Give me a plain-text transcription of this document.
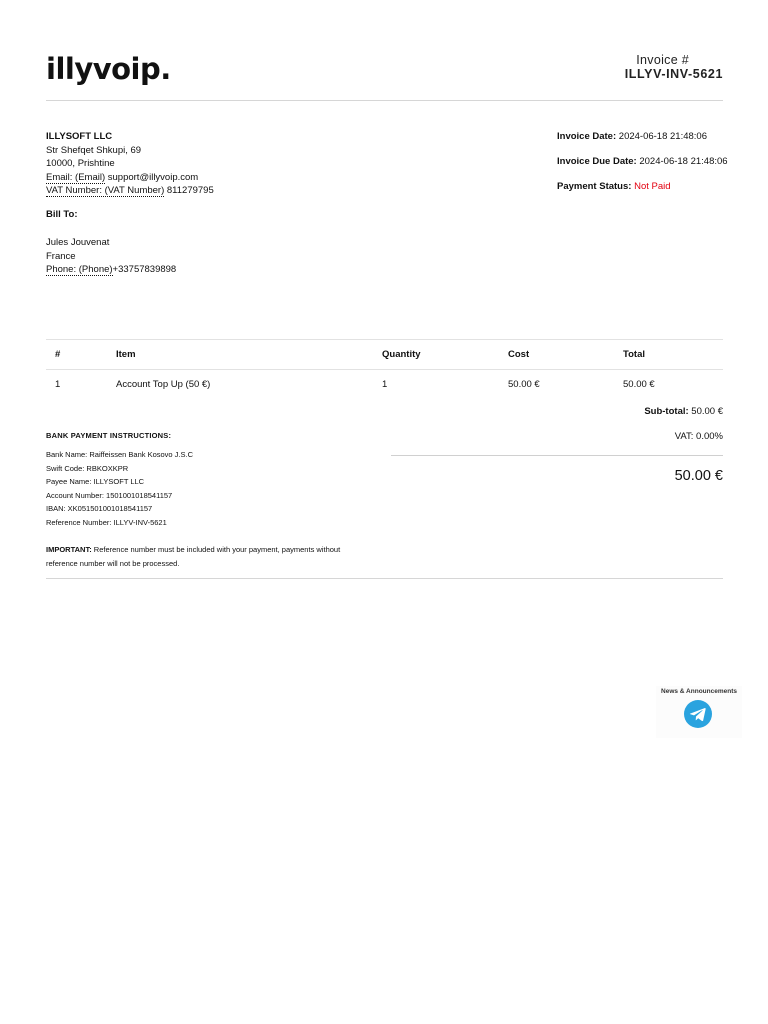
illyvoip.	Invoice #
ILLYV-INV-5621
ILLYSOFT LLC
Str Shefqet Shkupi, 69
10000, Prishtine
Email: (Email) support@illyvoip.com
VAT Number: (VAT Number) 811279795
Bill To:
Jules Jouvenat
France
Phone: (Phone)+33757839898
Invoice Date: 2024-06-18 21:48:06
Invoice Due Date: 2024-06-18 21:48:06
Payment Status: Not Paid
#	Item	Quantity	Cost	Total
1	Account Top Up (50 €)	1	50.00 €	50.00 €
Sub-total: 50.00 €
VAT: 0.00%
50.00 €
BANK PAYMENT INSTRUCTIONS:
Bank Name: Raiffeissen Bank Kosovo J.S.C
Swift Code: RBKOXKPR
Payee Name: ILLYSOFT LLC
Account Number: 1501001018541157
IBAN: XK051501001018541157
Reference Number: ILLYV-INV-5621
IMPORTANT: Reference number must be included with your payment, payments without reference number will not be processed.
News & Announcements
